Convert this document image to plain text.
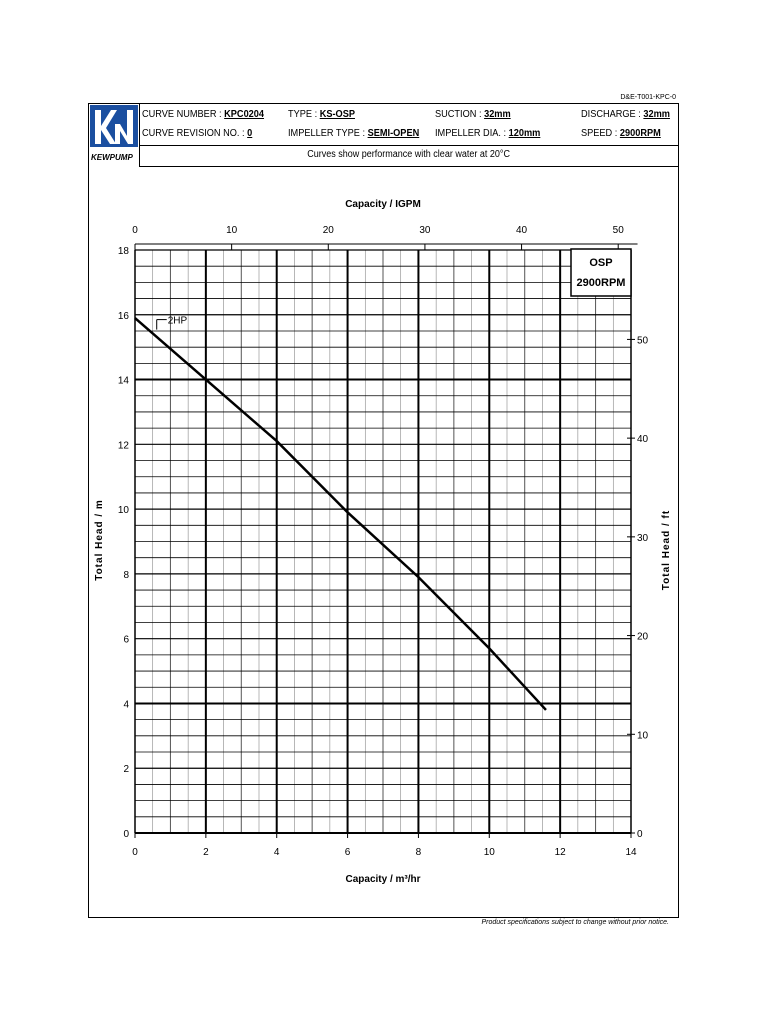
D&E-T001-KPC-0
KEWPUMP
CURVE NUMBER : KPC0204
CURVE REVISION NO. : 0
TYPE : KS-OSP
IMPELLER TYPE : SEMI-OPEN
SUCTION : 32mm
IMPELLER DIA. : 120mm
DISCHARGE : 32mm
SPEED : 2900RPM
Curves show performance with clear water at 20°C
0	2	4	6	8	10	12	14
0
2
4
6
8
10
12
14
16
18
0	10	20	30	40	50
0
10
20
30
40
50
Capacity / IGPM
Capacity / m³/hr
Total Head / m	Total Head / ft
OSP
2900RPM
2HP
Product specifications subject to change without prior notice.
